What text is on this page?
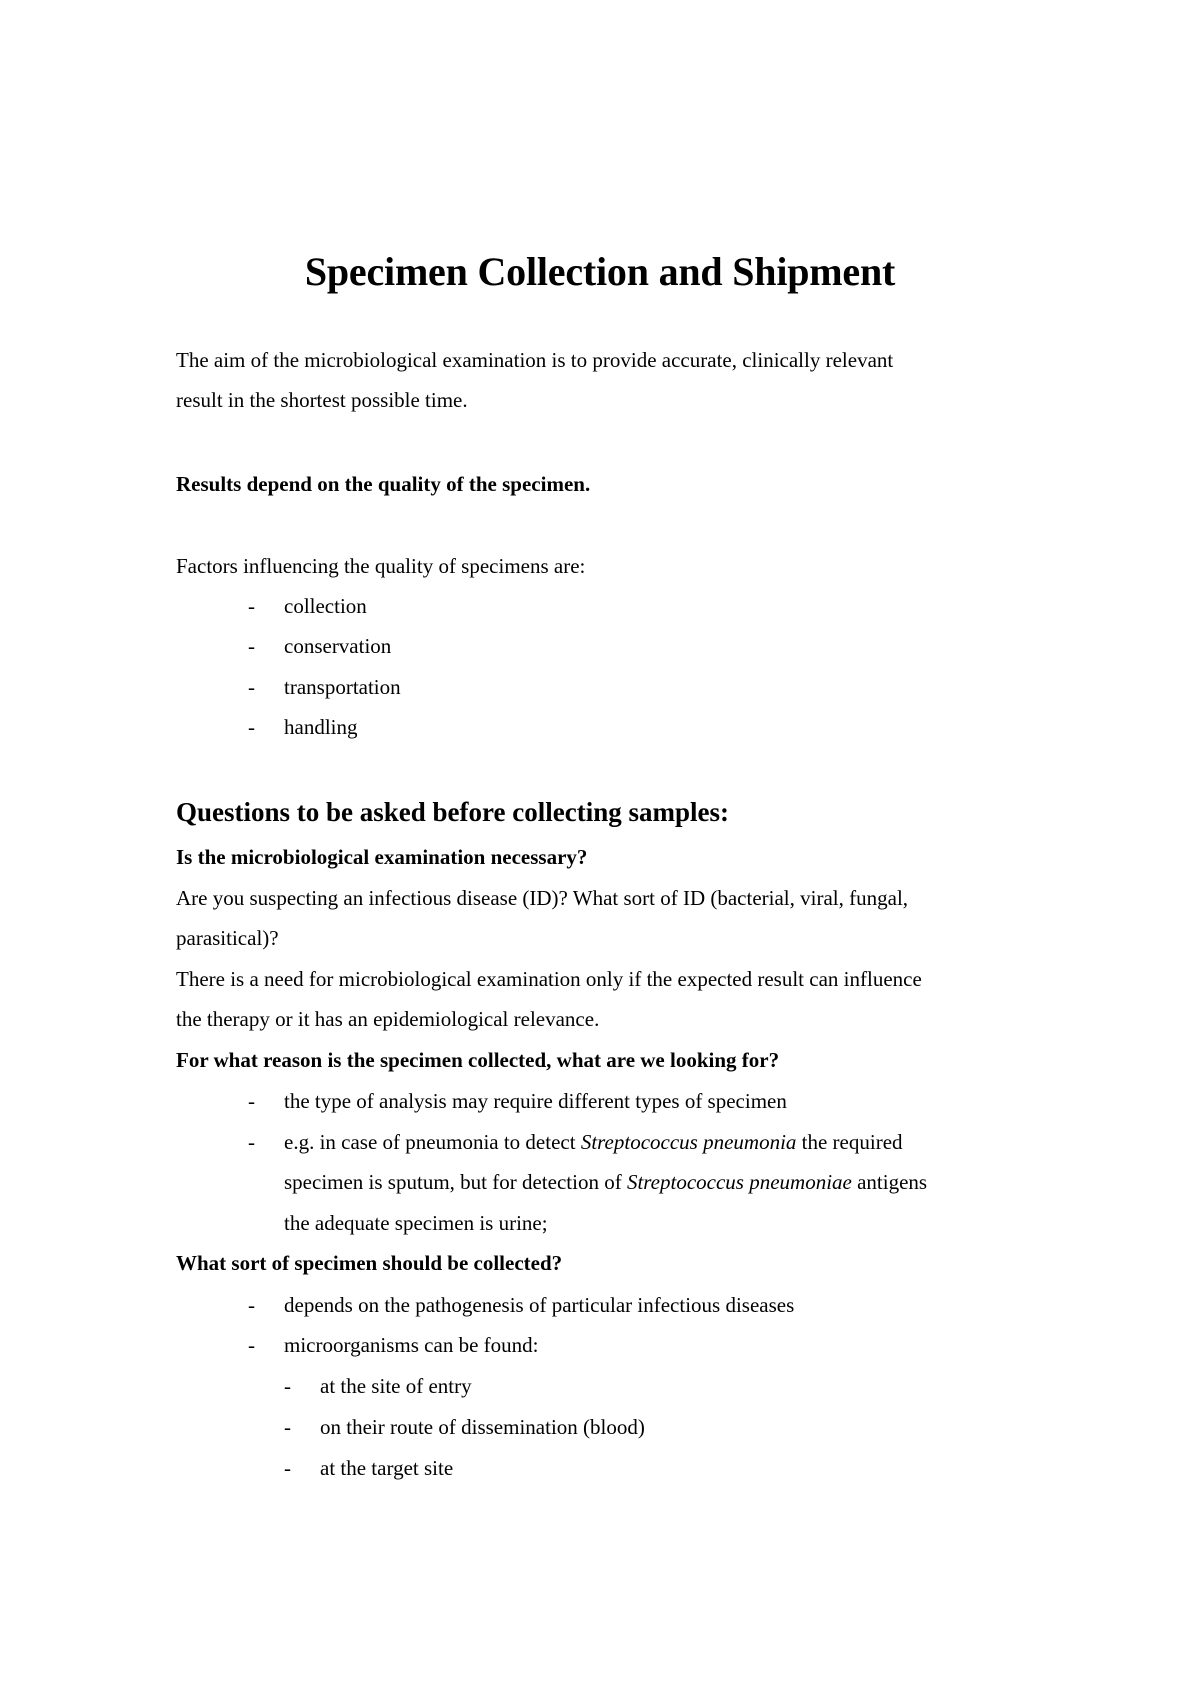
Specimen Collection and Shipment
The aim of the microbiological examination is to provide accurate, clinically relevant
result in the shortest possible time.
Results depend on the quality of the specimen.
Factors influencing the quality of specimens are:
- collection
- conservation
- transportation
- handling
Questions to be asked before collecting samples:
Is the microbiological examination necessary?
Are you suspecting an infectious disease (ID)? What sort of ID (bacterial, viral, fungal,
parasitical)?
There is a need for microbiological examination only if the expected result can influence
the therapy or it has an epidemiological relevance.
For what reason is the specimen collected, what are we looking for?
- the type of analysis may require different types of specimen
- e.g. in case of pneumonia to detect Streptococcus pneumonia the required
specimen is sputum, but for detection of Streptococcus pneumoniae antigens
the adequate specimen is urine;
What sort of specimen should be collected?
- depends on the pathogenesis of particular infectious diseases
- microorganisms can be found:
- at the site of entry
- on their route of dissemination (blood)
- at the target site
